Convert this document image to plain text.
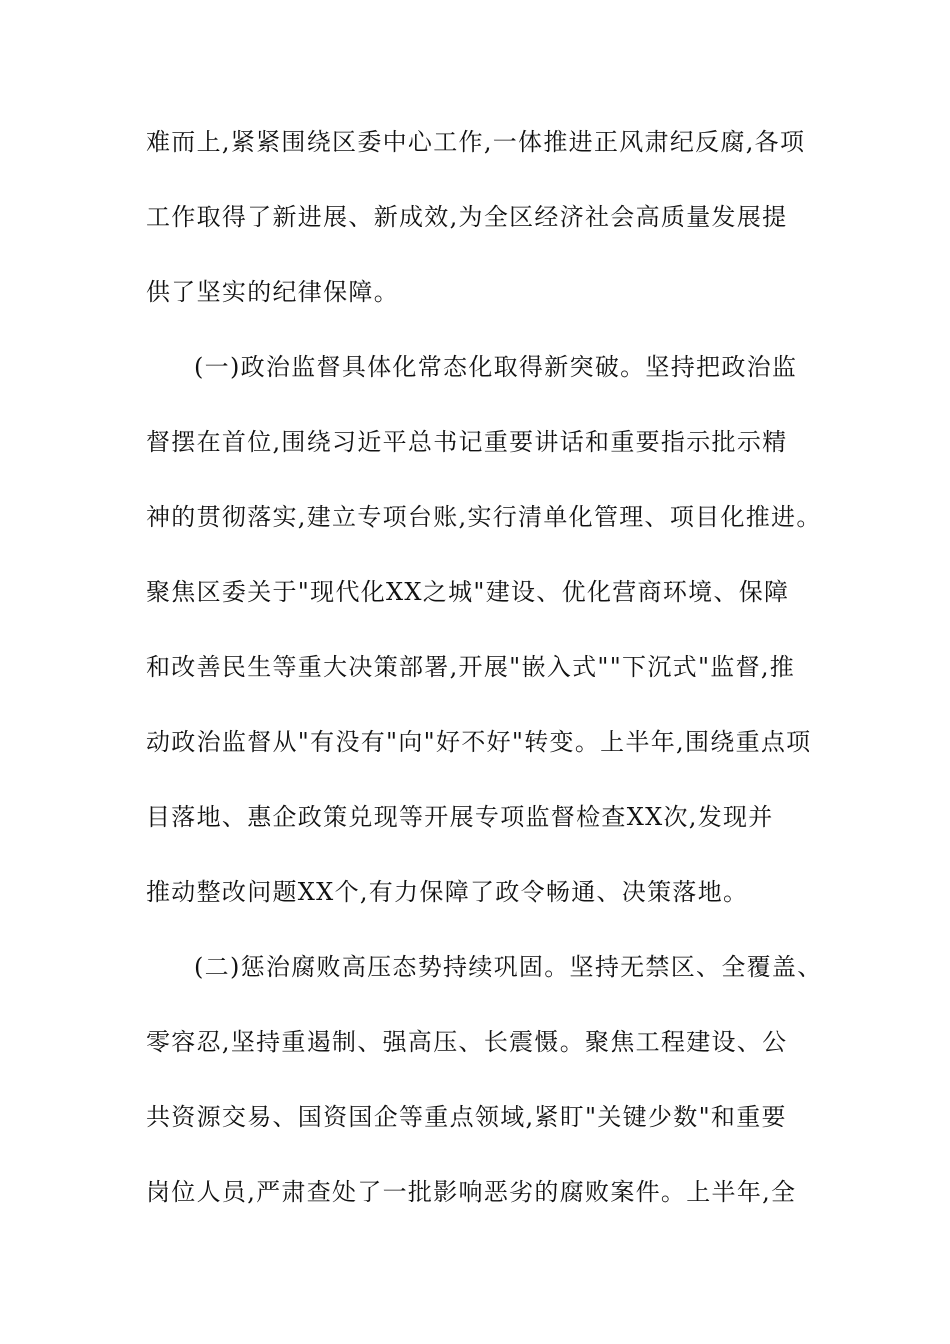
难而上,紧紧围绕区委中心工作,一体推进正风肃纪反腐,各项

工作取得了新进展、新成效,为全区经济社会高质量发展提

供了坚实的纪律保障。

(一)政治监督具体化常态化取得新突破。坚持把政治监

督摆在首位,围绕习近平总书记重要讲话和重要指示批示精

神的贯彻落实,建立专项台账,实行清单化管理、项目化推进。

聚焦区委关于"现代化XX之城"建设、优化营商环境、保障

和改善民生等重大决策部署,开展"嵌入式""下沉式"监督,推

动政治监督从"有没有"向"好不好"转变。上半年,围绕重点项

目落地、惠企政策兑现等开展专项监督检查XX次,发现并

推动整改问题XX个,有力保障了政令畅通、决策落地。

(二)惩治腐败高压态势持续巩固。坚持无禁区、全覆盖、

零容忍,坚持重遏制、强高压、长震慑。聚焦工程建设、公

共资源交易、国资国企等重点领域,紧盯"关键少数"和重要

岗位人员,严肃查处了一批影响恶劣的腐败案件。上半年,全
